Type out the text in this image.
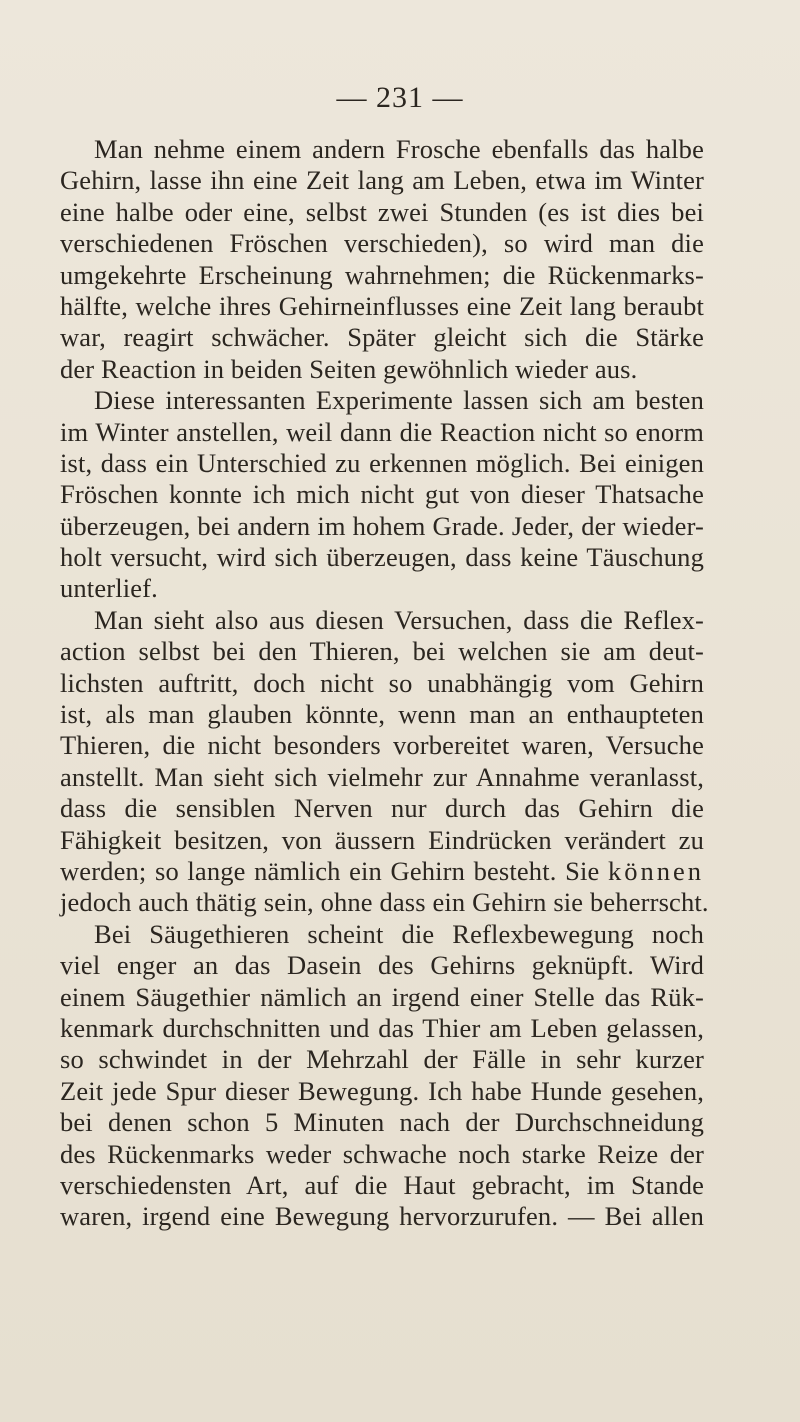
— 231 —
Man nehme einem andern Frosche ebenfalls das halbe
Gehirn, lasse ihn eine Zeit lang am Leben, etwa im Winter
eine halbe oder eine, selbst zwei Stunden (es ist dies bei
verschiedenen Fröschen verschieden), so wird man die
umgekehrte Erscheinung wahrnehmen; die Rückenmarks-
hälfte, welche ihres Gehirneinflusses eine Zeit lang beraubt
war, reagirt schwächer. Später gleicht sich die Stärke
der Reaction in beiden Seiten gewöhnlich wieder aus.
Diese interessanten Experimente lassen sich am besten
im Winter anstellen, weil dann die Reaction nicht so enorm
ist, dass ein Unterschied zu erkennen möglich. Bei einigen
Fröschen konnte ich mich nicht gut von dieser Thatsache
überzeugen, bei andern im hohem Grade. Jeder, der wieder-
holt versucht, wird sich überzeugen, dass keine Täuschung
unterlief.
Man sieht also aus diesen Versuchen, dass die Reflex-
action selbst bei den Thieren, bei welchen sie am deut-
lichsten auftritt, doch nicht so unabhängig vom Gehirn
ist, als man glauben könnte, wenn man an enthaupteten
Thieren, die nicht besonders vorbereitet waren, Versuche
anstellt. Man sieht sich vielmehr zur Annahme veranlasst,
dass die sensiblen Nerven nur durch das Gehirn die
Fähigkeit besitzen, von äussern Eindrücken verändert zu
werden; so lange nämlich ein Gehirn besteht. Sie können
jedoch auch thätig sein, ohne dass ein Gehirn sie beherrscht.
Bei Säugethieren scheint die Reflexbewegung noch
viel enger an das Dasein des Gehirns geknüpft. Wird
einem Säugethier nämlich an irgend einer Stelle das Rük-
kenmark durchschnitten und das Thier am Leben gelassen,
so schwindet in der Mehrzahl der Fälle in sehr kurzer
Zeit jede Spur dieser Bewegung. Ich habe Hunde gesehen,
bei denen schon 5 Minuten nach der Durchschneidung
des Rückenmarks weder schwache noch starke Reize der
verschiedensten Art, auf die Haut gebracht, im Stande
waren, irgend eine Bewegung hervorzurufen. — Bei allen
